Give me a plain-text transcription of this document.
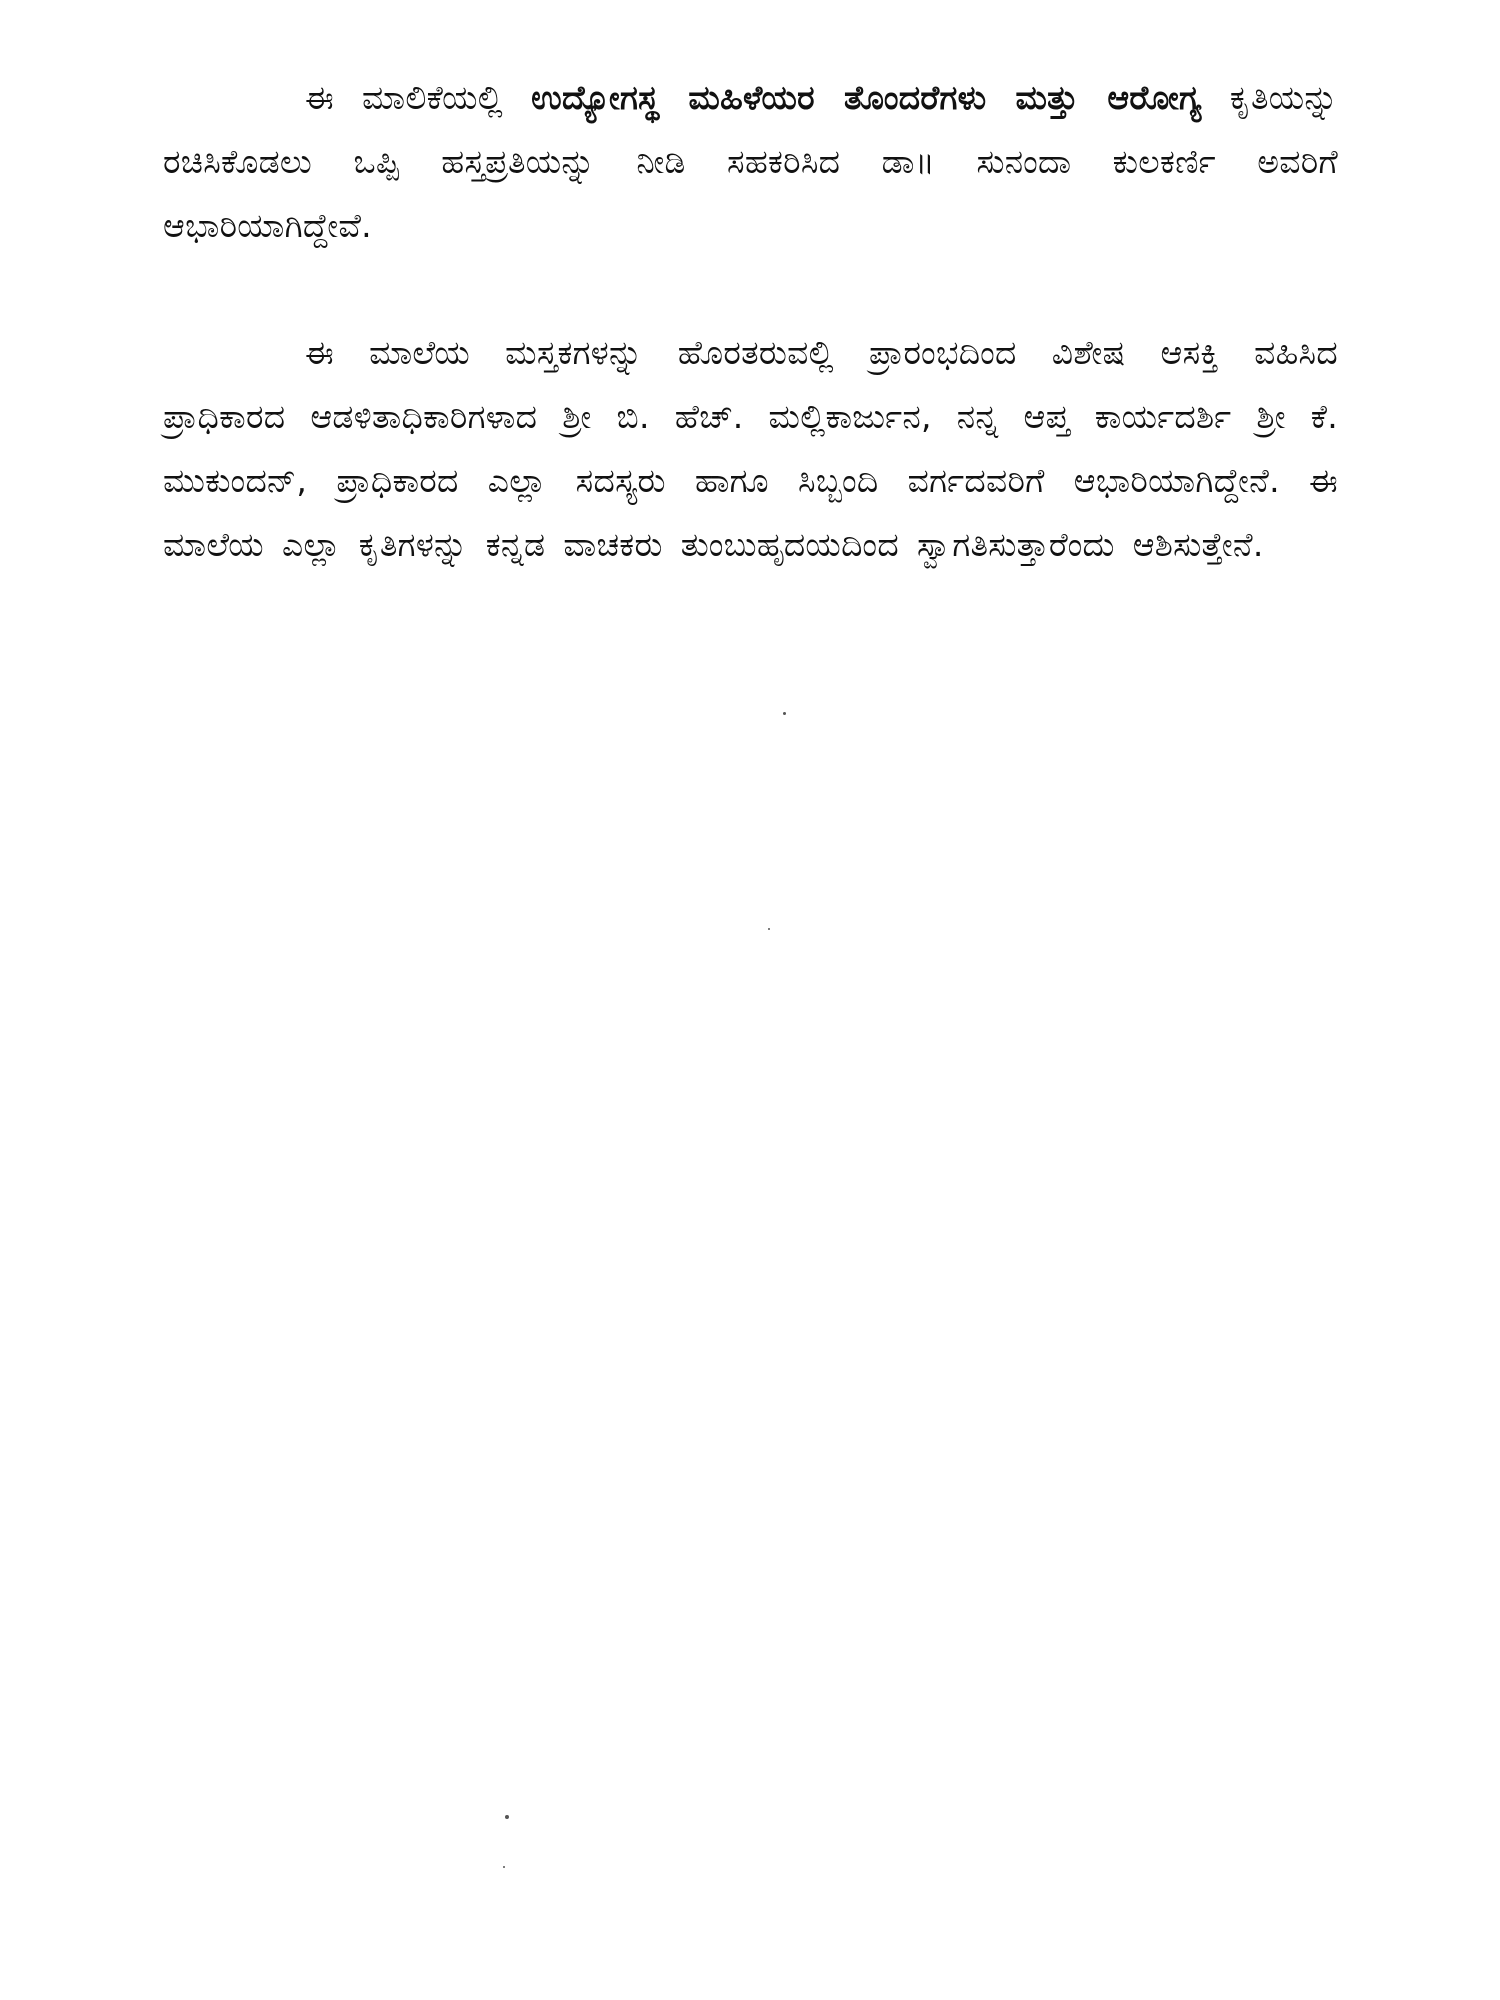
ಈ ಮಾಲಿಕೆಯಲ್ಲಿ ಉದ್ಯೋಗಸ್ಥ ಮಹಿಳೆಯರ ತೊಂದರೆಗಳು ಮತ್ತು ಆರೋಗ್ಯ ಕೃತಿಯನ್ನು ರಚಿಸಿಕೊಡಲು ಒಪ್ಪಿ ಹಸ್ತಪ್ರತಿಯನ್ನು ನೀಡಿ ಸಹಕರಿಸಿದ ಡಾ॥ ಸುನಂದಾ ಕುಲಕರ್ಣಿ ಅವರಿಗೆ ಆಭಾರಿಯಾಗಿದ್ದೇವೆ.
ಈ ಮಾಲೆಯ ಮಸ್ತಕಗಳನ್ನು ಹೊರತರುವಲ್ಲಿ ಪ್ರಾರಂಭದಿಂದ ವಿಶೇಷ ಆಸಕ್ತಿ ವಹಿಸಿದ ಪ್ರಾಧಿಕಾರದ ಆಡಳಿತಾಧಿಕಾರಿಗಳಾದ ಶ್ರೀ ಬಿ. ಹೆಚ್. ಮಲ್ಲಿಕಾರ್ಜುನ, ನನ್ನ ಆಪ್ತ ಕಾರ್ಯದರ್ಶಿ ಶ್ರೀ ಕೆ. ಮುಕುಂದನ್, ಪ್ರಾಧಿಕಾರದ ಎಲ್ಲಾ ಸದಸ್ಯರು ಹಾಗೂ ಸಿಬ್ಬಂದಿ ವರ್ಗದವರಿಗೆ ಆಭಾರಿಯಾಗಿದ್ದೇನೆ. ಈ ಮಾಲೆಯ ಎಲ್ಲಾ ಕೃತಿಗಳನ್ನು ಕನ್ನಡ ವಾಚಕರು ತುಂಬುಹೃದಯದಿಂದ ಸ್ವಾಗತಿಸುತ್ತಾರೆಂದು ಆಶಿಸುತ್ತೇನೆ.
